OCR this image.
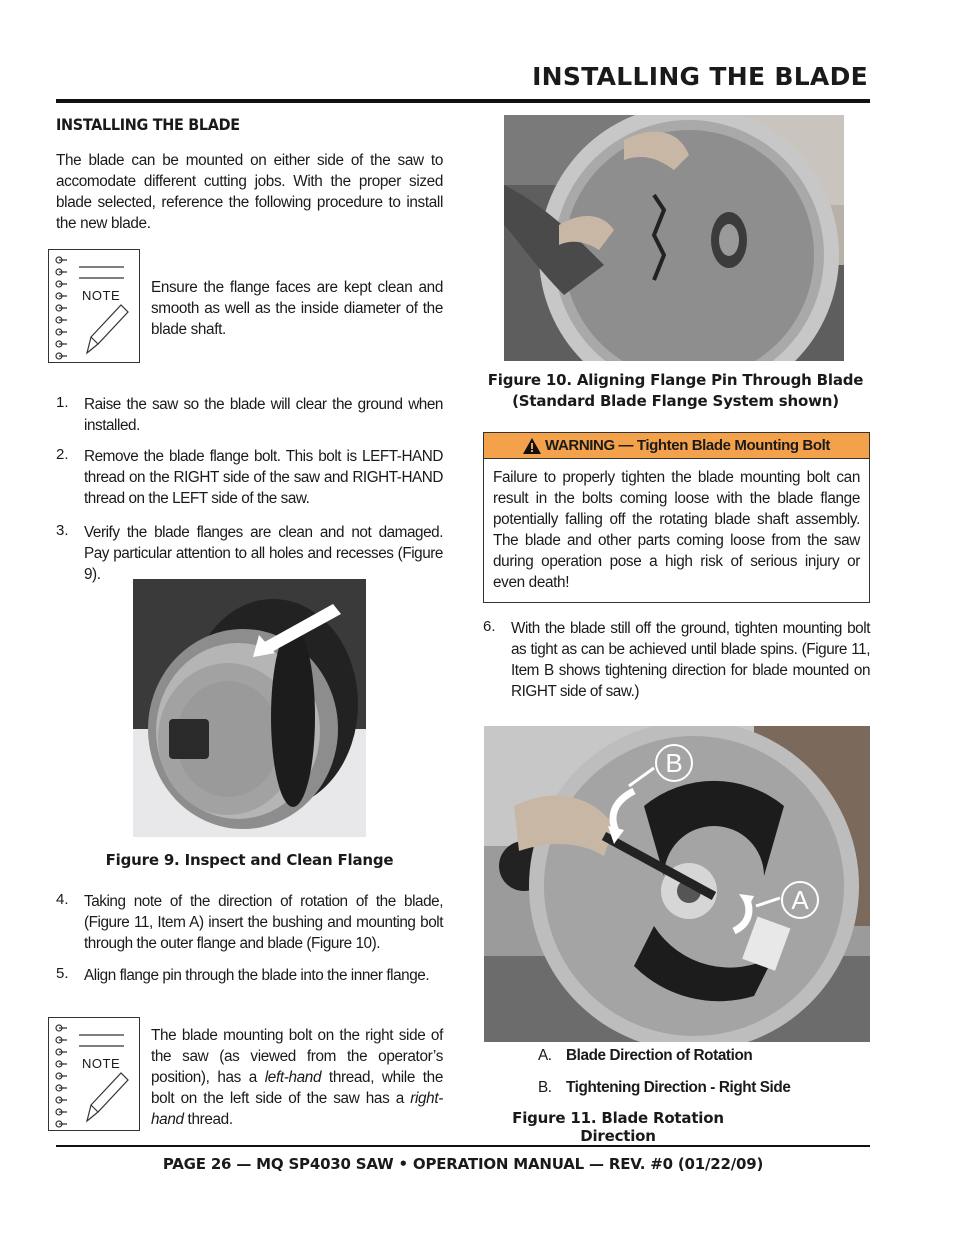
INSTALLING THE BLADE
INSTALLING THE BLADE
The blade can be mounted on either side of the saw to accomodate different cutting jobs. With the proper sized blade selected, reference the following procedure to install the new blade.
NOTE Ensure the flange faces are kept clean and smooth as well as the inside diameter of the blade shaft.
1. Raise the saw so the blade will clear the ground when installed.
2. Remove the blade flange bolt. This bolt is LEFT-HAND thread on the RIGHT side of the saw and RIGHT-HAND thread on the LEFT side of the saw.
3. Verify the blade flanges are clean and not damaged. Pay particular attention to all holes and recesses (Figure 9).
Figure 9. Inspect and Clean Flange
4. Taking note of the direction of rotation of the blade, (Figure 11, Item A) insert the bushing and mounting bolt through the outer flange and blade (Figure 10).
5. Align flange pin through the blade into the inner flange.
NOTE
The blade mounting bolt on the right side of the saw (as viewed from the operator’s position), has a left-hand thread, while the bolt on the left side of the saw has a right-hand thread.
Figure 10. Aligning Flange Pin Through Blade
(Standard Blade Flange System shown)
WARNING — Tighten Blade Mounting Bolt
Failure to properly tighten the blade mounting bolt can result in the bolts coming loose with the blade flange potentially falling off the rotating blade shaft assembly. The blade and other parts coming loose from the saw during operation pose a high risk of serious injury or even death!
6. With the blade still off the ground, tighten mounting bolt as tight as can be achieved until blade spins. (Figure 11, Item B shows tightening direction for blade mounted on RIGHT side of saw.)
B
A
A. Blade Direction of Rotation
B. Tightening Direction - Right Side
Figure 11. Blade Rotation Direction
PAGE 26 — MQ SP4030 SAW • OPERATION MANUAL — REV. #0 (01/22/09)
